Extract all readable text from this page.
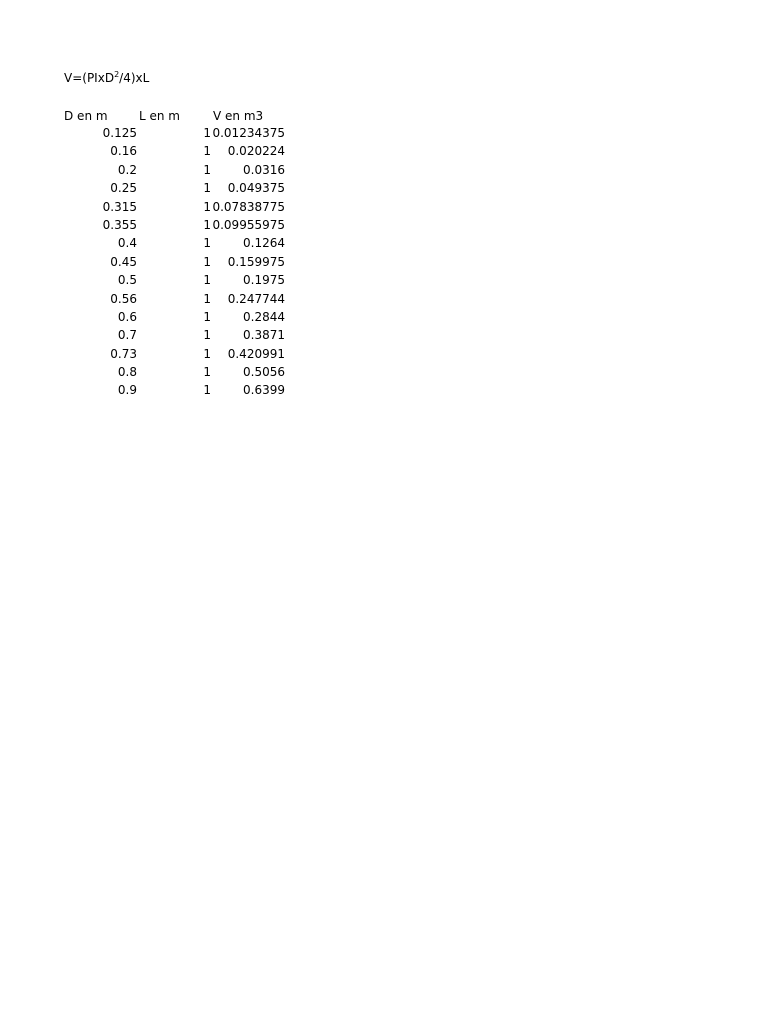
V=(PIxD$^2$/4)xL
D en m	L en m	V en m3
0.125	1 0.01234375
0.16	1 0.020224
0.2	1	0.0316
0.25	1 0.049375
0.315	1 0.07838775
0.355	1 0.09955975
0.4	1	0.1264
0.45	1 0.159975
0.5	1	0.1975
0.56	1 0.247744
0.6	1	0.2844
0.7	1	0.3871
0.73	1 0.420991
0.8	1	0.5056
0.9	1	0.6399
